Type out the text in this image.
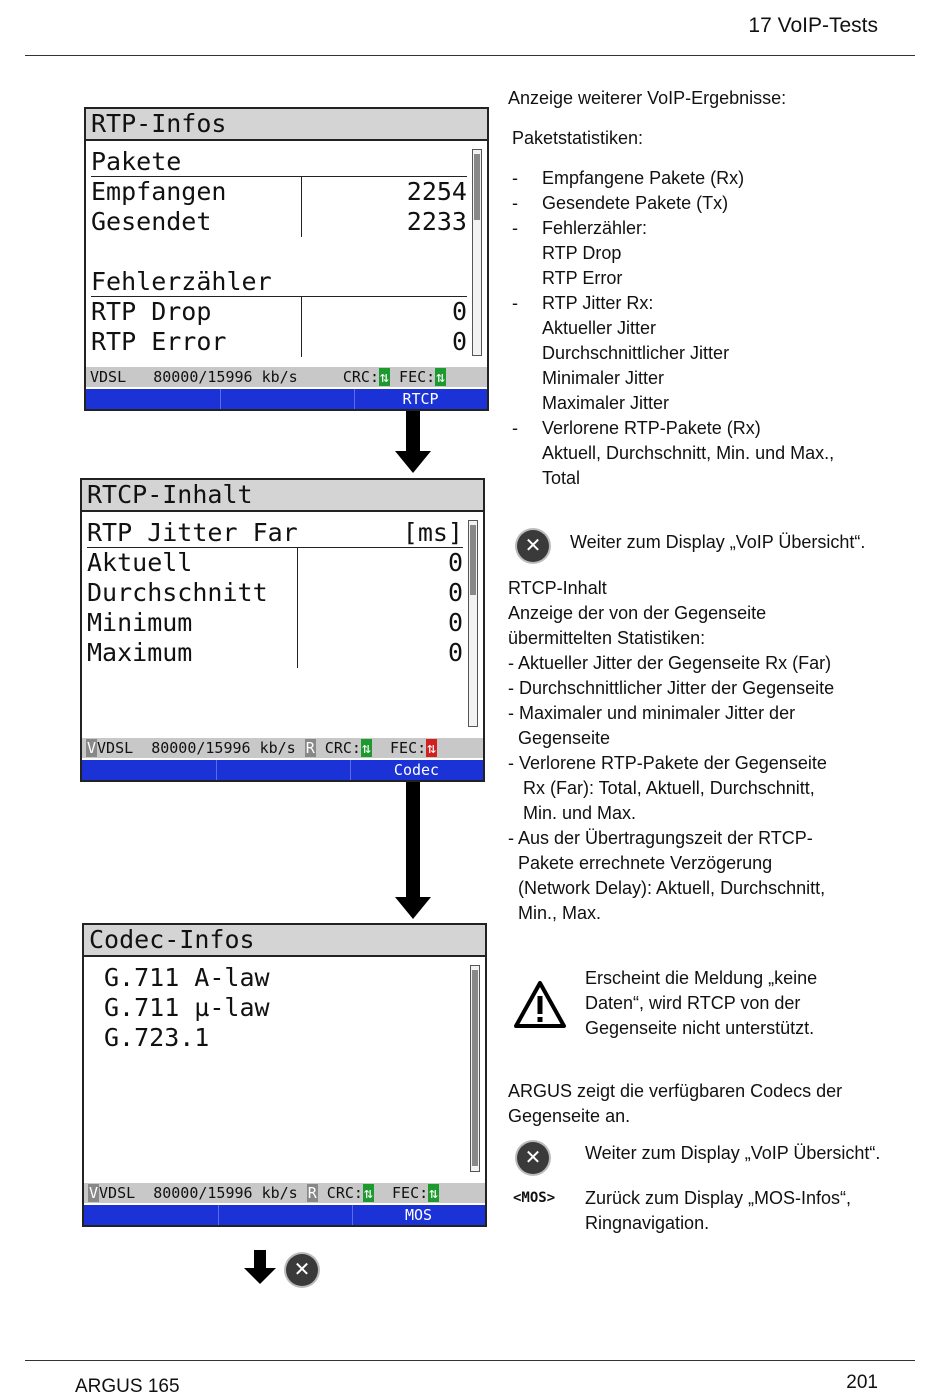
17 VoIP-Tests
RTP-Infos
Pakete
Empfangen	2254
Gesendet	2233
Fehlerzähler
RTP Drop	0
RTP Error	0
VDSL   80000/15996 kb/s     CRC:⇅ FEC:⇅
RTCP
RTCP-Inhalt
RTP Jitter Far	[ms]
Aktuell	0
Durchschnitt	0
Minimum	0
Maximum	0
VVDSL  80000/15996 kb/s R CRC:⇅  FEC:⇅
Codec
Codec-Infos
G.711 A-law
G.711 µ-law
G.723.1
VVDSL  80000/15996 kb/s R CRC:⇅  FEC:⇅
MOS
✕
Anzeige weiterer VoIP-Ergebnisse:
Paketstatistiken:
- Empfangene Pakete (Rx)
- Gesendete Pakete (Tx)
- Fehlerzähler:
RTP Drop
RTP Error
- RTP Jitter Rx:
Aktueller Jitter
Durchschnittlicher Jitter
Minimaler Jitter
Maximaler Jitter
- Verlorene RTP-Pakete (Rx)
Aktuell, Durchschnitt, Min. und Max.,
Total
✕	Weiter zum Display „VoIP Übersicht“.
RTCP-Inhalt
Anzeige der von der Gegenseite
übermittelten Statistiken:
- Aktueller Jitter der Gegenseite Rx (Far)
- Durchschnittlicher Jitter der Gegenseite
- Maximaler und minimaler Jitter der
Gegenseite
- Verlorene RTP-Pakete der Gegenseite
Rx (Far): Total, Aktuell, Durchschnitt,
Min. und Max.
- Aus der Übertragungszeit der RTCP-
Pakete errechnete Verzögerung
(Network Delay): Aktuell, Durchschnitt,
Min., Max.
Erscheint die Meldung „keine
Daten“, wird RTCP von der
Gegenseite nicht unterstützt.
ARGUS zeigt die verfügbaren Codecs der
Gegenseite an.
✕	Weiter zum Display „VoIP Übersicht“.
<MOS> Zurück zum Display „MOS-Infos“,
Ringnavigation.
ARGUS 165	201
